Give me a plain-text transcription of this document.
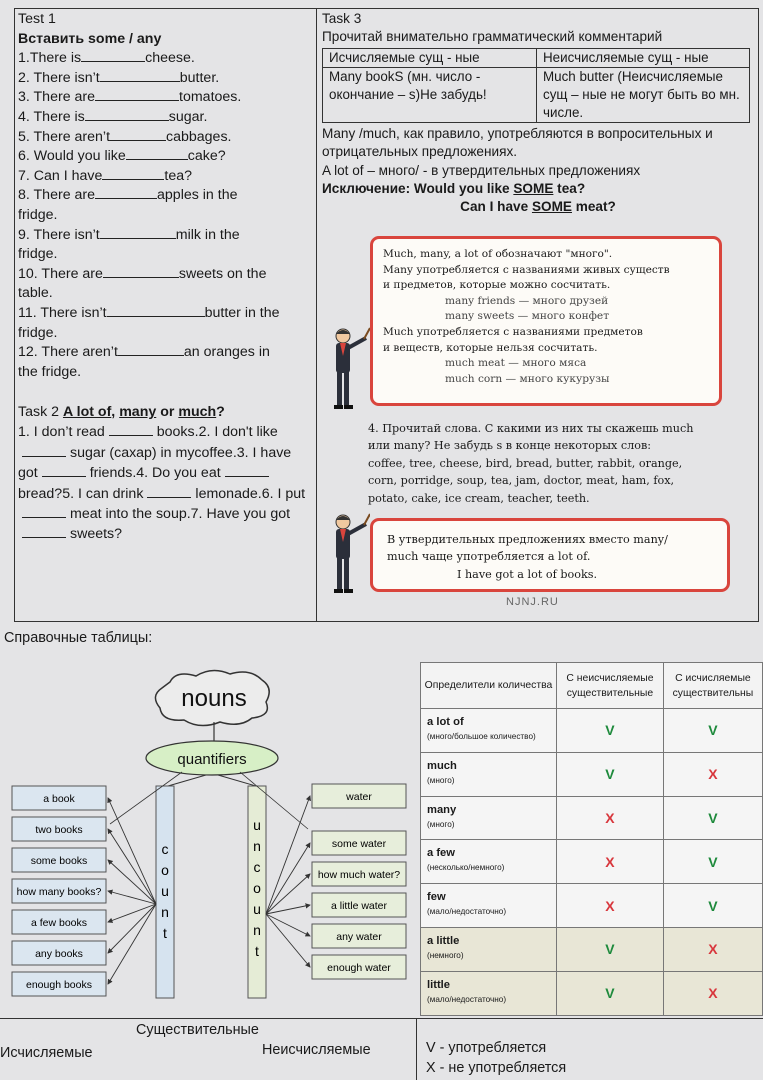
Test 1
Вставить some / any
1.There is	cheese.
2. There isn’t	butter.
3. There are	tomatoes.
4. There is	sugar.
5. There aren’t	cabbages.
6. Would you like	cake?
7. Can I have	tea?
8. There are	apples in the
fridge.
9. There isn’t	milk in the
fridge.
10. There are	sweets on the
table.
11. There isn’t	butter in the
fridge.
12. There aren’t	an oranges in
the fridge.
Task 2 A lot of, many or much?
1. I don’t read	books.2. I don't likesugar (сахар) in mycoffee.3. I have got	friends.4. Do you eatbread?5. I can drink	lemonade.6. I putmeat into the soup.7. Have you gotsweets?
Task 3
Прочитай внимательно грамматический комментарий
Исчисляемые сущ - ные	Неисчисляемые сущ - ные
Many bookS (мн. число - окончание – s)Не забудь!	Much butter (Неисчисляемые сущ – ные не могут быть во мн. числе.
Many /much, как правило, употребляются в вопросительных и отрицательных предложениях.
A lot of – много/ - в утвердительных предложениях
Исключение: Would you like SOME tea?
Can I have SOME meat?
Much, many, a lot of обозначают "много".
Many употребляется с названиями живых существ
и предметов, которые можно сосчитать.
many friends — много друзей
many sweets — много конфет
Much употребляется с названиями предметов
и веществ, которые нельзя сосчитать.
much meat — много мяса
much corn — много кукурузы
4. Прочитай слова. С какими из них ты скажешь much
или many? Не забудь s в конце некоторых слов:
coffee, tree, cheese, bird, bread, butter, rabbit, orange,
corn, porridge, soup, tea, jam, doctor, meat, ham, fox,
potato, cake, ice cream, teacher, teeth.
В утвердительных предложениях вместо many/
much чаще употребляется a lot of.
I have got a lot of books.
NJNJ.RU
Справочные таблицы:
nouns
quantifiers
c
o
u
n
t
u
n
c
o
u
n
t
a book
two books
some books
how many books?
a few books
any books
enough books
water
some water
how much water?
a little water
any water
enough water
Определители количества	С неисчисляемые существительные	С исчисляемые существительны

a lot of
(много/большое количество)	V	V

much
(много)	V	X

many
(много)	X	V

a few
(несколько/немного)	X	V

few
(мало/недостаточно)	X	V

a little
(немного)	V	X

little
(мало/недостаточно)	V	X
Существительные
Исчисляемые	Неисчисляемые	V - употребляется
X - не употребляется
